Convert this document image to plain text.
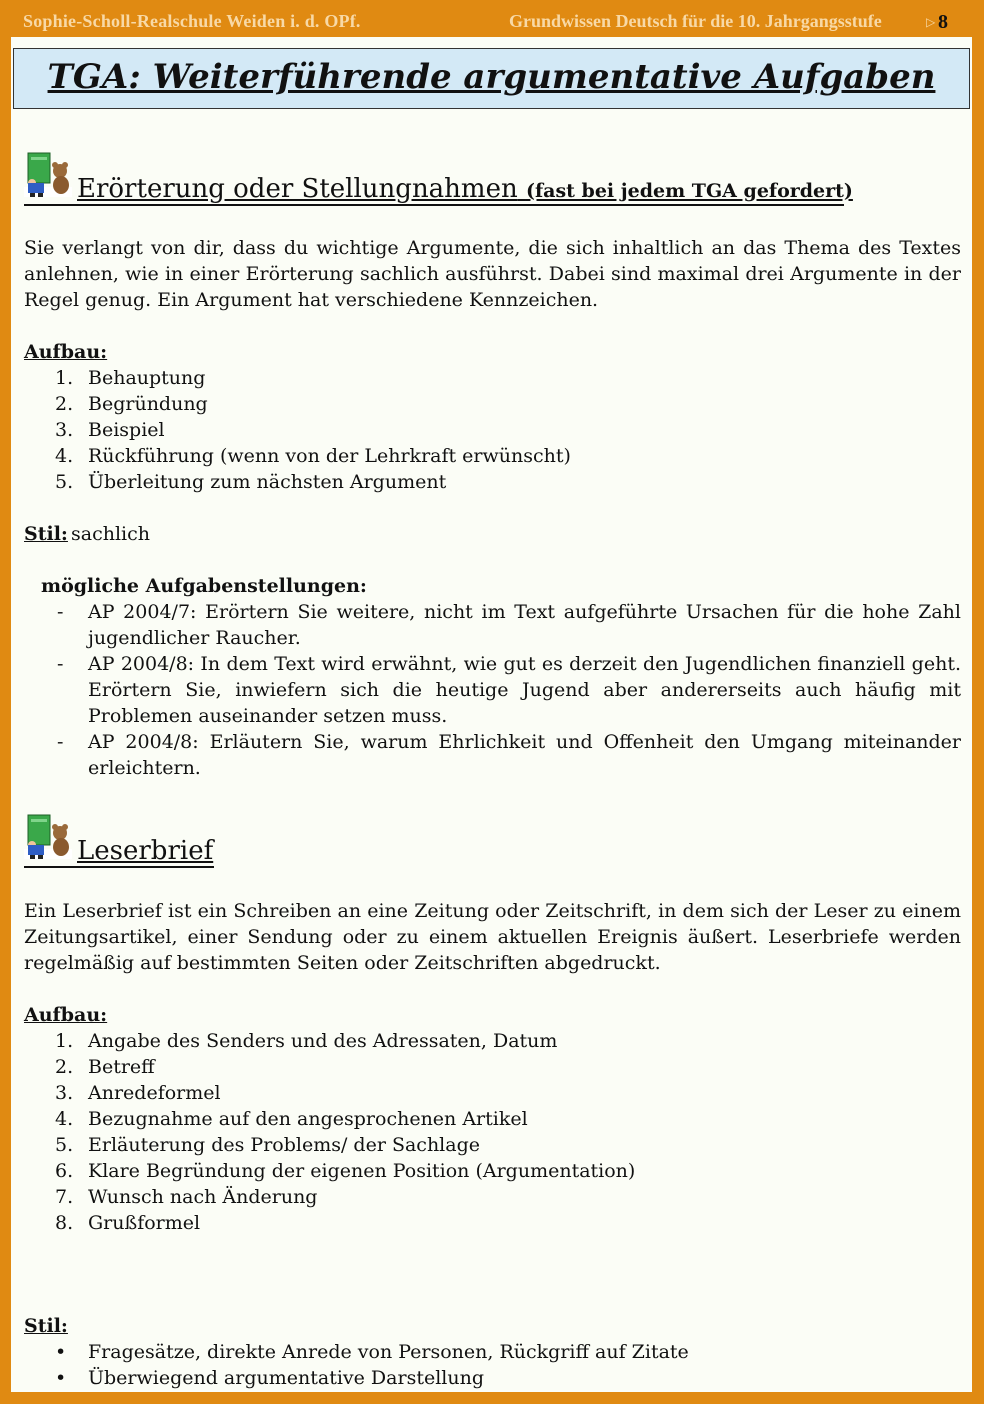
Sophie-Scholl-Realschule Weiden i. d. OPf.	Grundwissen Deutsch für die 10. Jahrgangsstufe	▷ 8
TGA: Weiterführende argumentative Aufgaben
Erörterung oder Stellungnahmen (fast bei jedem TGA gefordert)
Sie verlangt von dir, dass du wichtige Argumente, die sich inhaltlich an das Thema des Textes anlehnen, wie in einer Erörterung sachlich ausführst. Dabei sind maximal drei Argumente in der Regel genug. Ein Argument hat verschiedene Kennzeichen.
Aufbau:
1. Behauptung
2. Begründung
3. Beispiel
4. Rückführung (wenn von der Lehrkraft erwünscht)
5. Überleitung zum nächsten Argument
Stil: sachlich
mögliche Aufgabenstellungen:
- AP 2004/7: Erörtern Sie weitere, nicht im Text aufgeführte Ursachen für die hohe Zahl jugendlicher Raucher.
- AP 2004/8: In dem Text wird erwähnt, wie gut es derzeit den Jugendlichen finanziell geht. Erörtern Sie, inwiefern sich die heutige Jugend aber andererseits auch häufig mit Problemen auseinander setzen muss.
- AP 2004/8: Erläutern Sie, warum Ehrlichkeit und Offenheit den Umgang miteinander erleichtern.
Leserbrief
Ein Leserbrief ist ein Schreiben an eine Zeitung oder Zeitschrift, in dem sich der Leser zu einem Zeitungsartikel, einer Sendung oder zu einem aktuellen Ereignis äußert. Leserbriefe werden regelmäßig auf bestimmten Seiten oder Zeitschriften abgedruckt.
Aufbau:
1. Angabe des Senders und des Adressaten, Datum
2. Betreff
3. Anredeformel
4. Bezugnahme auf den angesprochenen Artikel
5. Erläuterung des Problems/ der Sachlage
6. Klare Begründung der eigenen Position (Argumentation)
7. Wunsch nach Änderung
8. Grußformel
Stil:
• Fragesätze, direkte Anrede von Personen, Rückgriff auf Zitate
• Überwiegend argumentative Darstellung
